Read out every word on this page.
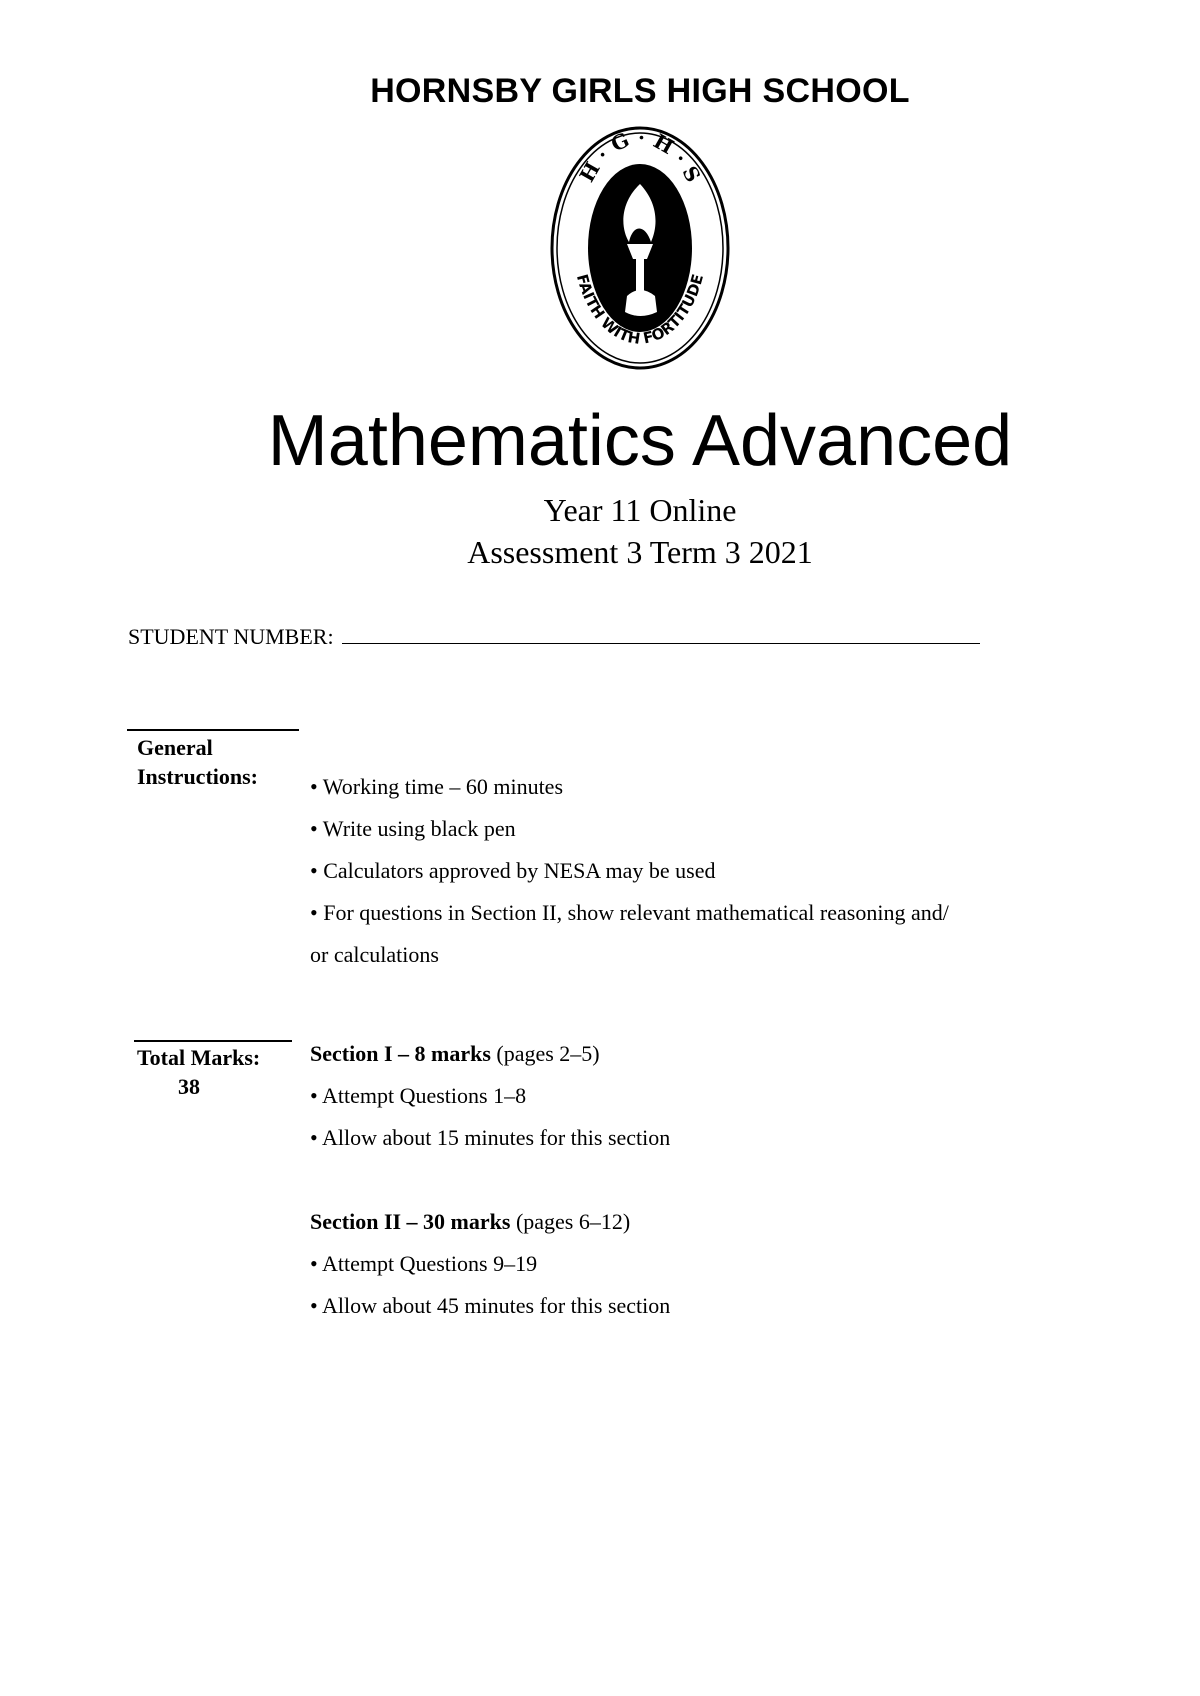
HORNSBY GIRLS HIGH SCHOOL
H · G · H · S
FAITH WITH FORTITUDE
Mathematics Advanced
Year 11 Online
Assessment 3 Term 3 2021
STUDENT NUMBER:
General
Instructions: • Working time – 60 minutes
• Write using black pen
• Calculators approved by NESA may be used
• For questions in Section II, show relevant mathematical reasoning and/
or calculations
Total Marks:
38
Section I – 8 marks (pages 2–5)
• Attempt Questions 1–8
• Allow about 15 minutes for this section
Section II – 30 marks (pages 6–12)
• Attempt Questions 9–19
• Allow about 45 minutes for this section
